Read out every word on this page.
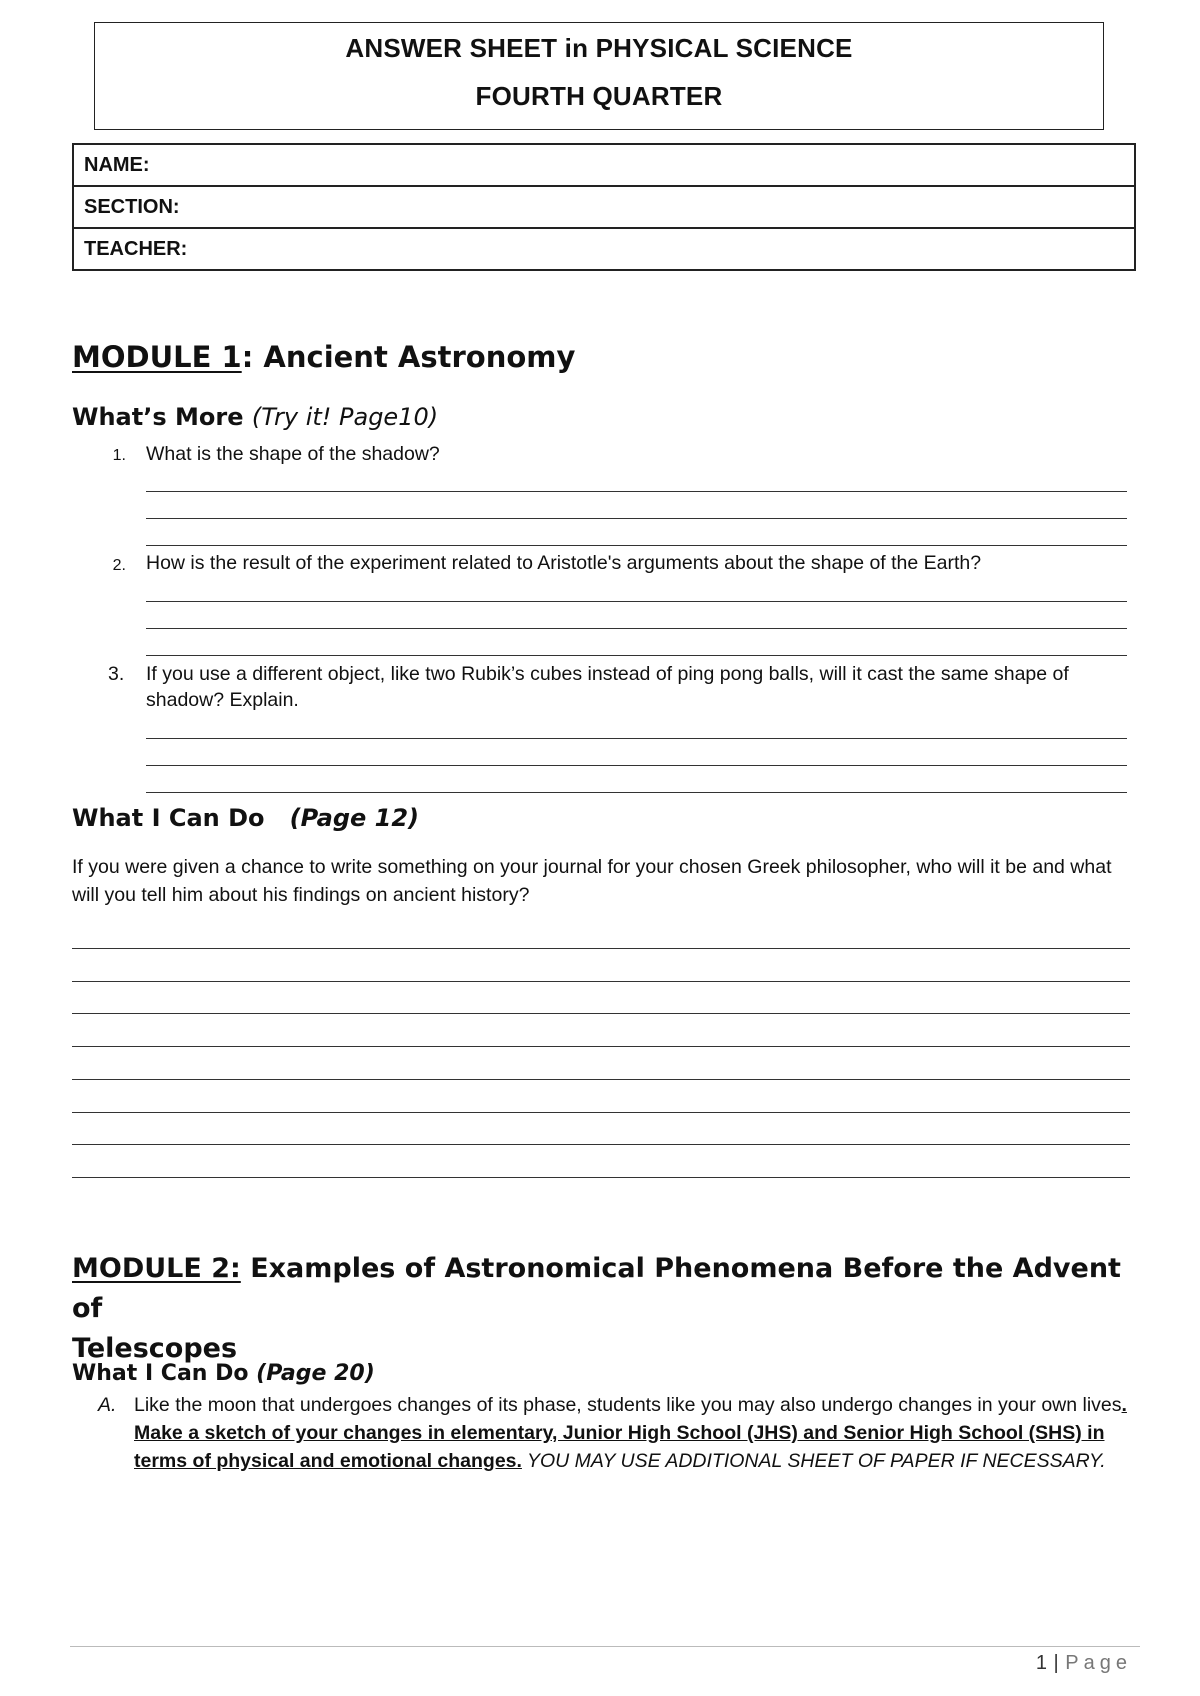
ANSWER SHEET in PHYSICAL SCIENCE
FOURTH QUARTER
NAME:
SECTION:
TEACHER:
MODULE 1: Ancient Astronomy
What’s More (Try it! Page10)
1. What is the shape of the shadow?
2. How is the result of the experiment related to Aristotle's arguments about the shape of the Earth?
3. If you use a different object, like two Rubik’s cubes instead of ping pong balls, will it cast the same shape of shadow? Explain.
What I Can Do (Page 12)
If you were given a chance to write something on your journal for your chosen Greek philosopher, who will it be and what will you tell him about his findings on ancient history?
MODULE 2: Examples of Astronomical Phenomena Before the Advent of
Telescopes
What I Can Do (Page 20)
A. Like the moon that undergoes changes of its phase, students like you may also undergo changes in your own lives. Make a sketch of your changes in elementary, Junior High School (JHS) and Senior High School (SHS) in terms of physical and emotional changes. YOU MAY USE ADDITIONAL SHEET OF PAPER IF NECESSARY.
1 | Page
